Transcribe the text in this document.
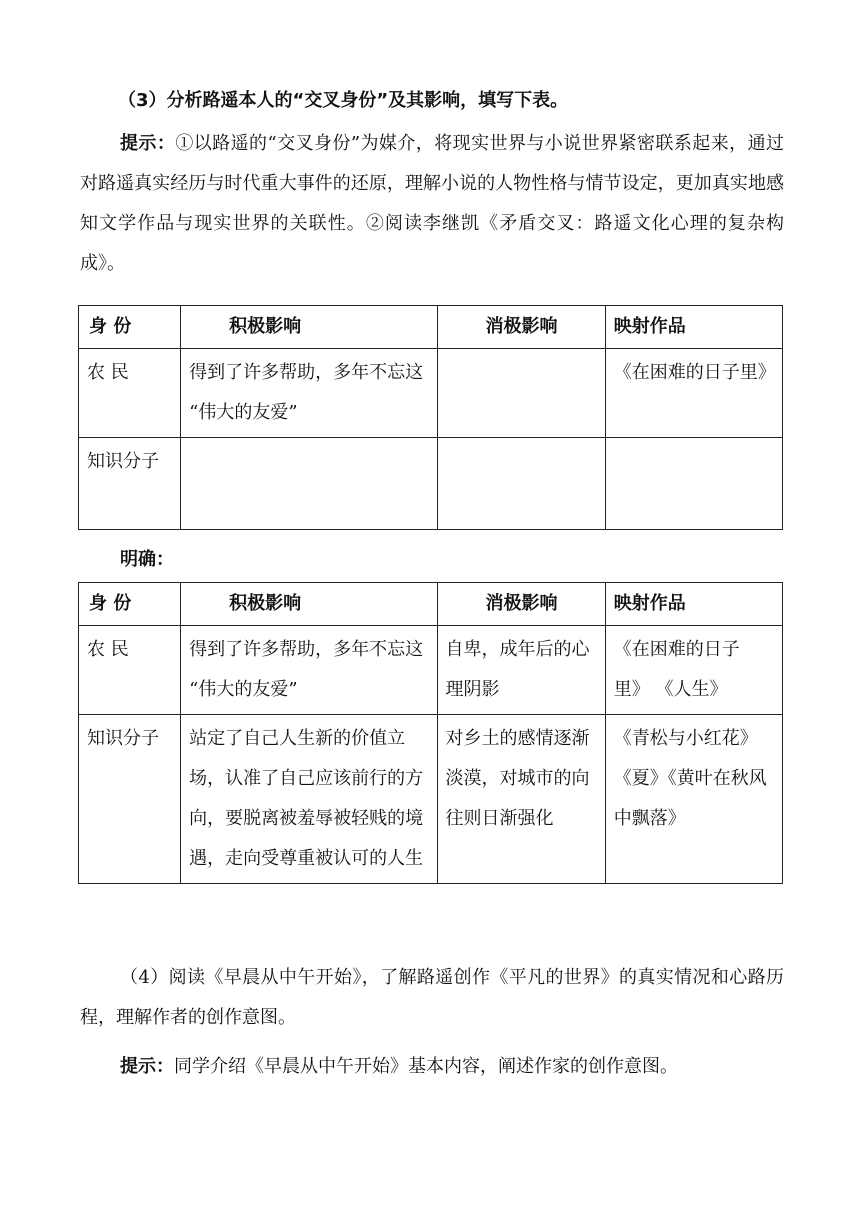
（3）分析路遥本人的“交叉身份”及其影响，填写下表。

提示：①以路遥的“交叉身份”为媒介，将现实世界与小说世界紧密联系起来，通过对路遥真实经历与时代重大事件的还原，理解小说的人物性格与情节设定，更加真实地感知文学作品与现实世界的关联性。②阅读李继凯《矛盾交叉：路遥文化心理的复杂构成》。

身 份	积极影响	消极影响	映射作品
农 民	得到了许多帮助，多年不忘这 “伟大的友爱”		《在困难的日子里》
知识分子			
明确：
身 份	积极影响	消极影响	映射作品
农 民	得到了许多帮助，多年不忘这 “伟大的友爱”	自卑，成年后的心理阴影	《在困难的日子里》 《人生》
知识分子	站定了自己人生新的价值立场，认准了自己应该前行的方向，要脱离被羞辱被轻贱的境遇，走向受尊重被认可的人生	对乡土的感情逐渐 淡漠，对城市的向往则日渐强化	《青松与小红花》《夏》《黄叶在秋风中飘落》

（4）阅读《早晨从中午开始》，了解路遥创作《平凡的世界》的真实情况和心路历程，理解作者的创作意图。

提示：同学介绍《早晨从中午开始》基本内容，阐述作家的创作意图。
